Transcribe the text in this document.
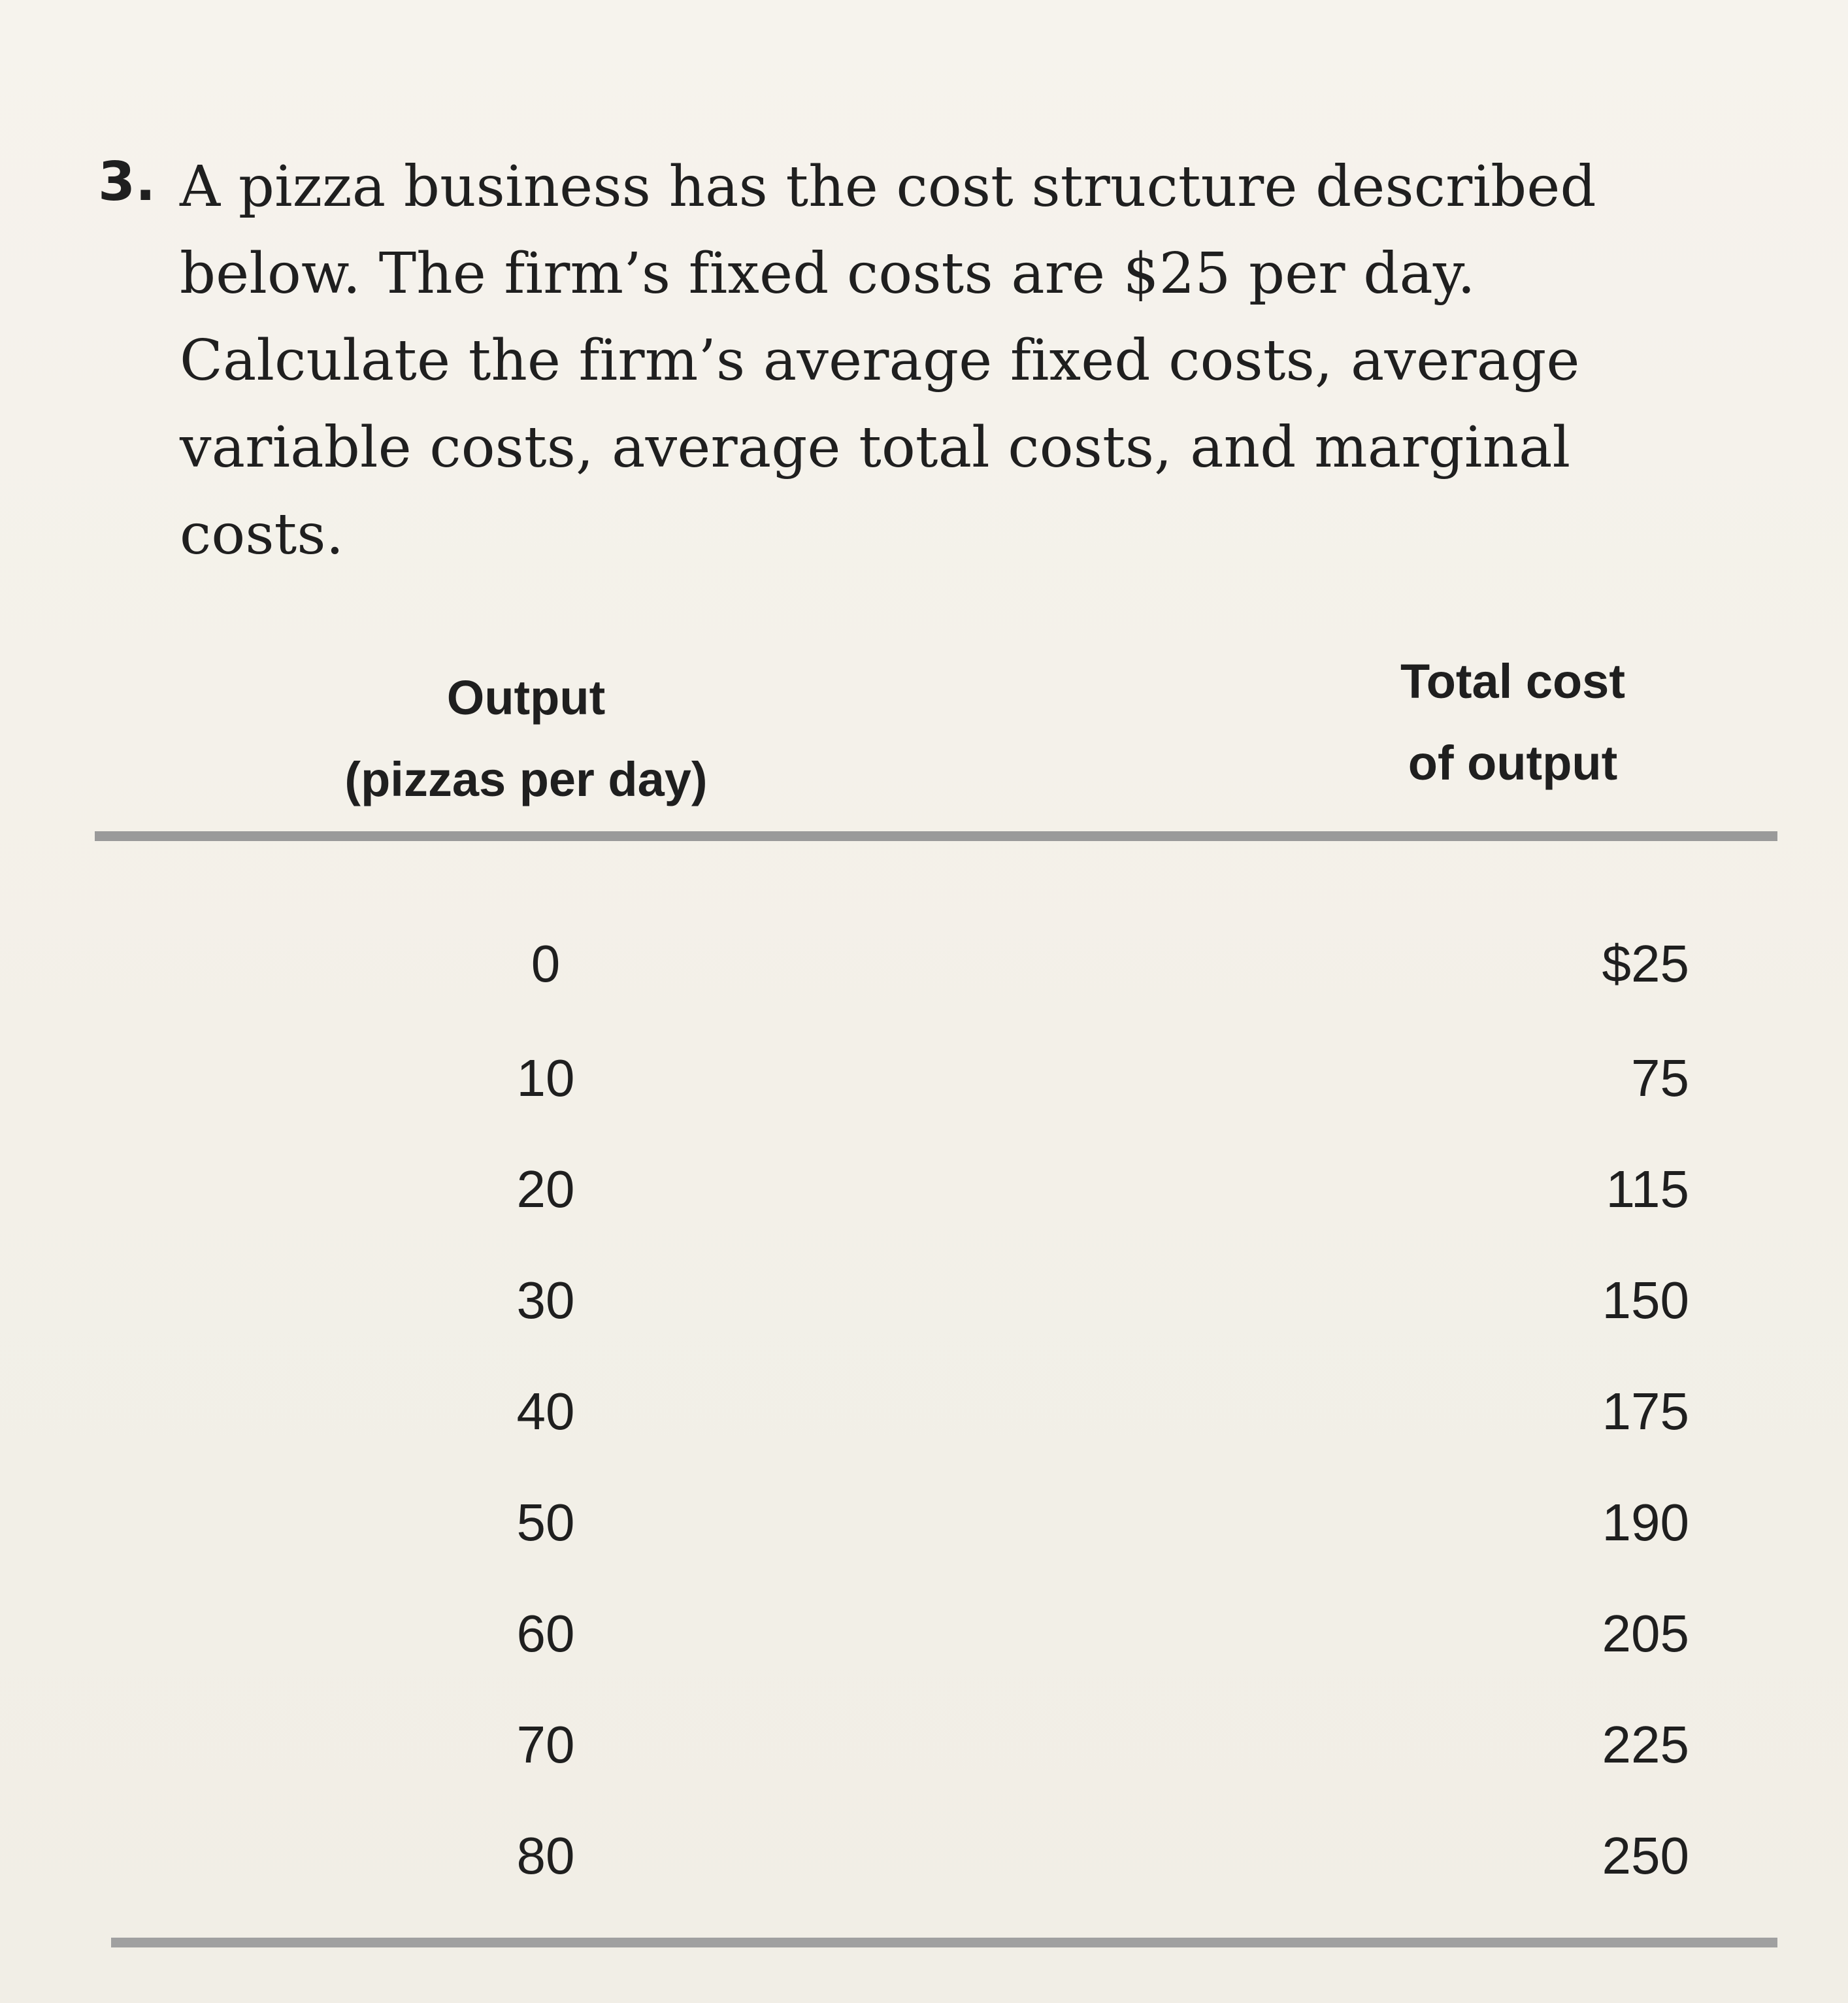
3. A pizza business has the cost structure described
below. The firm’s fixed costs are $25 per day.
Calculate the firm’s average fixed costs, average
variable costs, average total costs, and marginal
costs.
Output
(pizzas per day)
Total cost
of output
0	$25
10	75
20	115
30	150
40	175
50	190
60	205
70	225
80	250
